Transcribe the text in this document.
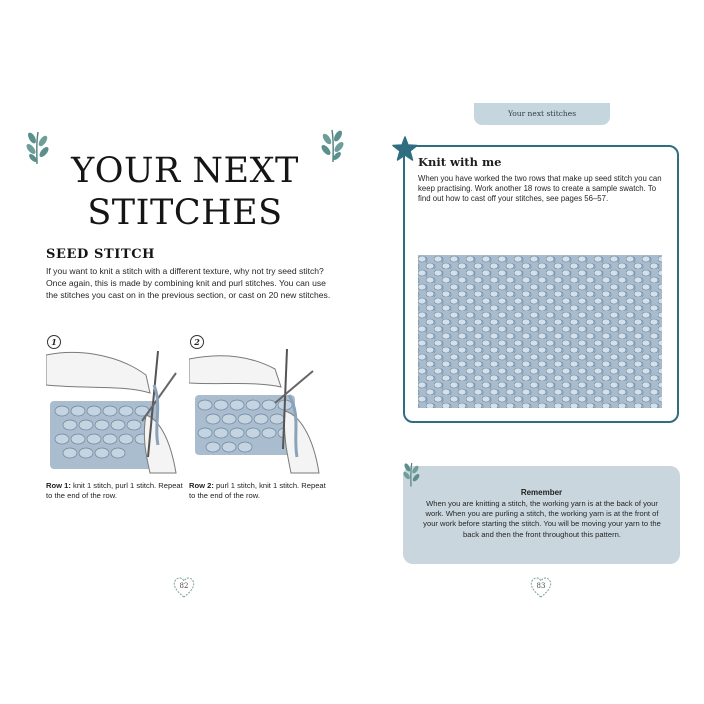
YOUR NEXT
STITCHES
SEED STITCH

If you want to knit a stitch with a different texture, why not try seed stitch? Once again, this is made by combining knit and purl stitches. You can use the stitches you cast on in the previous section, or cast on 20 new stitches.

1

Row 1: knit 1 stitch, purl 1 stitch. Repeat to the end of the row.

2

Row 2: purl 1 stitch, knit 1 stitch. Repeat to the end of the row.

82
Your next stitches
Knit with me

When you have worked the two rows that make up seed stitch you can keep practising. Work another 18 rows to create a sample swatch. To find out how to cast off your stitches, see pages 56–57.

Remember

When you are knitting a stitch, the working yarn is at the back of your work. When you are purling a stitch, the working yarn is at the front of your work before starting the stitch. You will be moving your yarn to the back and then the front throughout this pattern.

83
